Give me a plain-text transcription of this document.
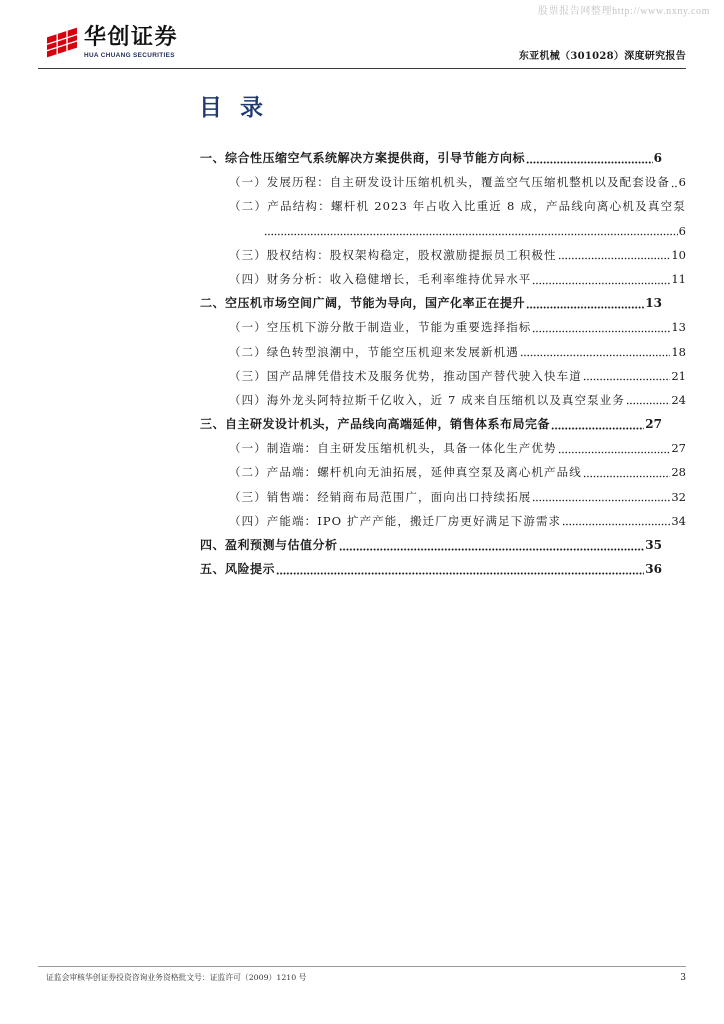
股票报告网整理http://www.nxny.com
华创证券
HUA CHUANG SECURITIES	东亚机械（301028）深度研究报告
目 录
一、综合性压缩空气系统解决方案提供商，引导节能方向标	6
（一）发展历程：自主研发设计压缩机机头，覆盖空气压缩机整机以及配套设备 6
（二）产品结构：螺杆机 2023 年占收入比重近 8 成，产品线向离心机及真空泵
6
（三）股权结构：股权架构稳定，股权激励提振员工积极性	10
（四）财务分析：收入稳健增长，毛利率维持优异水平	11
二、空压机市场空间广阔，节能为导向，国产化率正在提升	13
（一）空压机下游分散于制造业，节能为重要选择指标	13
（二）绿色转型浪潮中，节能空压机迎来发展新机遇	18
（三）国产品牌凭借技术及服务优势，推动国产替代驶入快车道	21
（四）海外龙头阿特拉斯千亿收入，近 7 成来自压缩机以及真空泵业务	24
三、自主研发设计机头，产品线向高端延伸，销售体系布局完备	27
（一）制造端：自主研发压缩机机头，具备一体化生产优势	27
（二）产品端：螺杆机向无油拓展，延伸真空泵及离心机产品线	28
（三）销售端：经销商布局范围广，面向出口持续拓展	32
（四）产能端：IPO 扩产产能，搬迁厂房更好满足下游需求	34
四、盈利预测与估值分析	35
五、风险提示	36
证监会审核华创证券投资咨询业务资格批文号：证监许可（2009）1210 号	3
